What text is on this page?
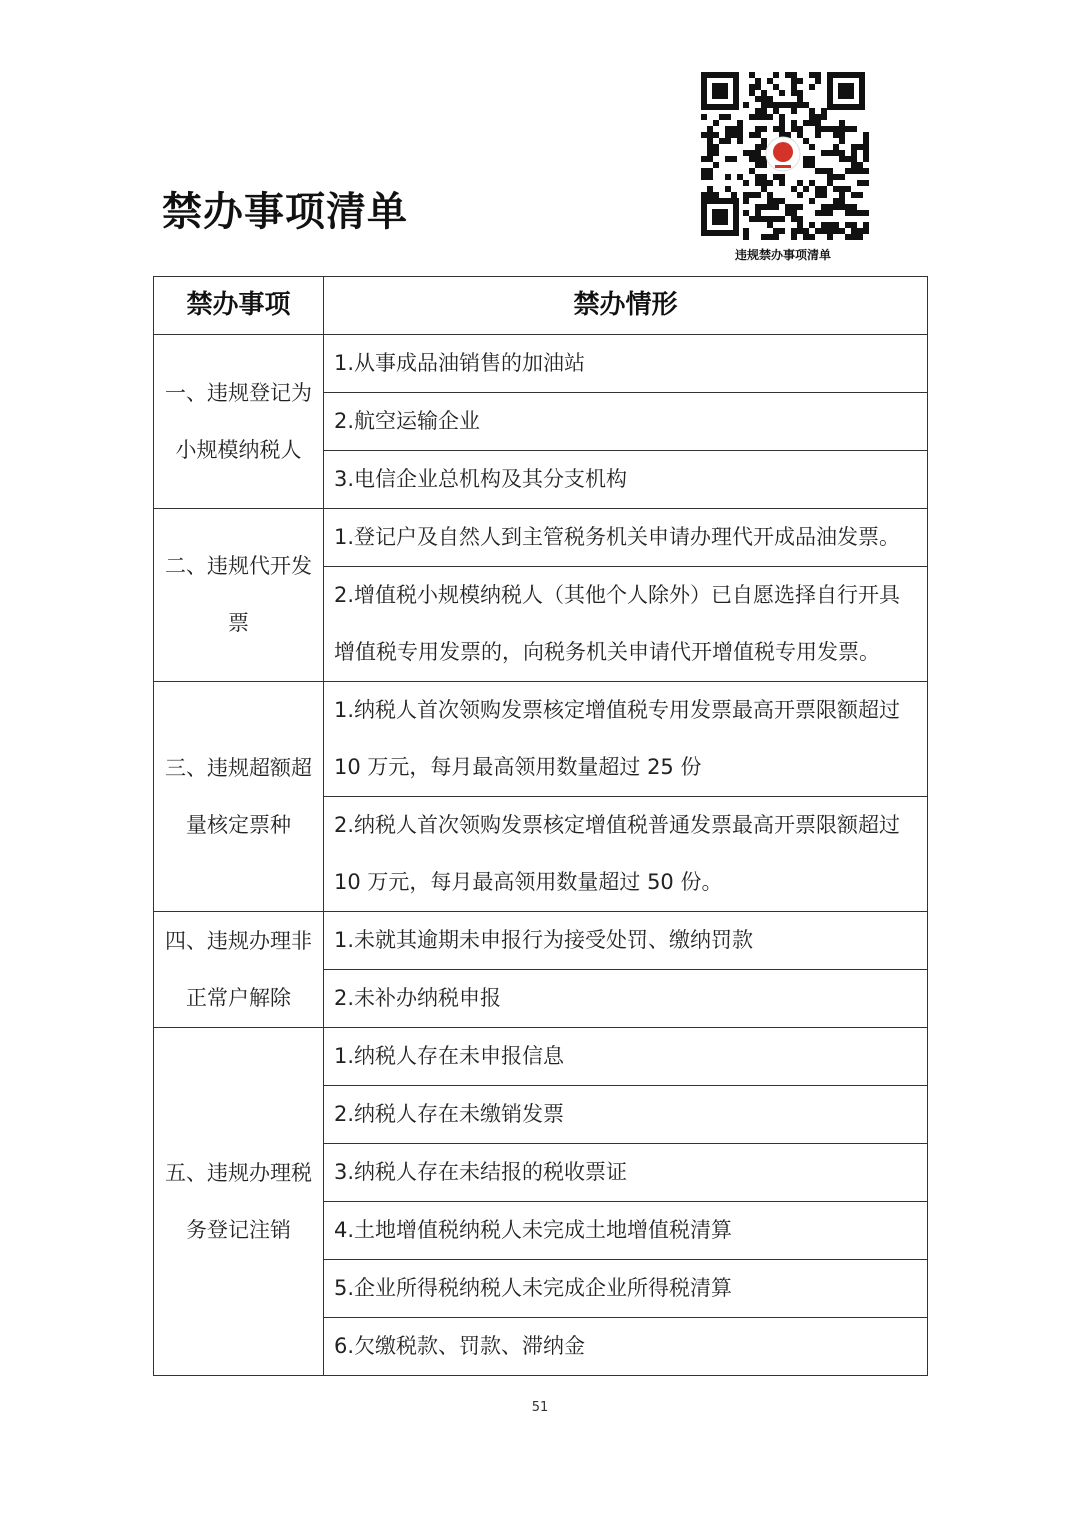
禁办事项清单
违规禁办事项清单
禁办事项	禁办情形
一、违规登记为小规模纳税人	1.从事成品油销售的加油站
	2.航空运输企业
	3.电信企业总机构及其分支机构
二、违规代开发票	1.登记户及自然人到主管税务机关申请办理代开成品油发票。
	2.增值税小规模纳税人（其他个人除外）已自愿选择自行开具增值税专用发票的，向税务机关申请代开增值税专用发票。
三、违规超额超量核定票种	1.纳税人首次领购发票核定增值税专用发票最高开票限额超过 10 万元，每月最高领用数量超过 25 份
	2.纳税人首次领购发票核定增值税普通发票最高开票限额超过 10 万元，每月最高领用数量超过 50 份。
四、违规办理非正常户解除	1.未就其逾期未申报行为接受处罚、缴纳罚款
	2.未补办纳税申报
五、违规办理税务登记注销	1.纳税人存在未申报信息
	2.纳税人存在未缴销发票
	3.纳税人存在未结报的税收票证
	4.土地增值税纳税人未完成土地增值税清算
	5.企业所得税纳税人未完成企业所得税清算
	6.欠缴税款、罚款、滞纳金
51
